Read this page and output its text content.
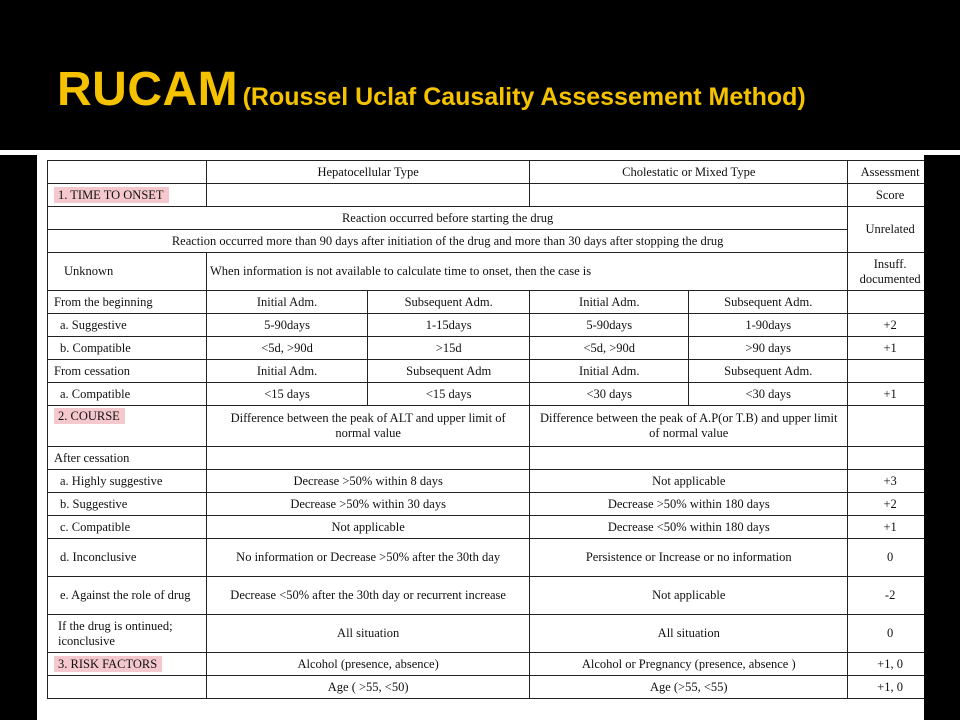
RUCAM (Roussel Uclaf Causality Assessement Method)
	Hepatocellular Type		Cholestatic or Mixed Type		Assessment
1. TIME TO ONSET					Score
Reaction occurred before starting the drug					Unrelated
Reaction occurred more than 90 days after initiation of the drug and more than 30 days after stopping the drug					
Unknown	When information is not available to calculate time to onset, then the case is				Insuff. documented
From the beginning	Initial Adm.	Subsequent Adm.	Initial Adm.	Subsequent Adm.	
a. Suggestive	5-90days	1-15days	5-90days	1-90days	+2
b. Compatible	<5d, >90d	>15d	<5d, >90d	>90 days	+1
From cessation	Initial Adm.	Subsequent Adm	Initial Adm.	Subsequent Adm.	
a. Compatible	<15 days	<15 days	<30 days	<30 days	+1
2. COURSE	Difference between the peak of ALT and upper limit of normal value		Difference between the peak of A.P(or T.B) and upper limit of normal value		
After cessation					
a. Highly suggestive	Decrease >50% within 8 days		Not applicable		+3
b. Suggestive	Decrease >50% within 30 days		Decrease >50% within 180 days		+2
c. Compatible	Not applicable		Decrease <50% within 180 days		+1
d. Inconclusive	No information or Decrease >50% after the 30th day		Persistence or Increase or no information		0
e. Against the role of drug	Decrease <50% after the 30th day or recurrent increase		Not applicable		-2
If the drug is ontinued; iconclusive	All situation		All situation		0
3. RISK FACTORS	Alcohol (presence, absence)		Alcohol or Pregnancy (presence, absence )		+1, 0
	Age ( >55, <50)		Age (>55, <55)		+1, 0
